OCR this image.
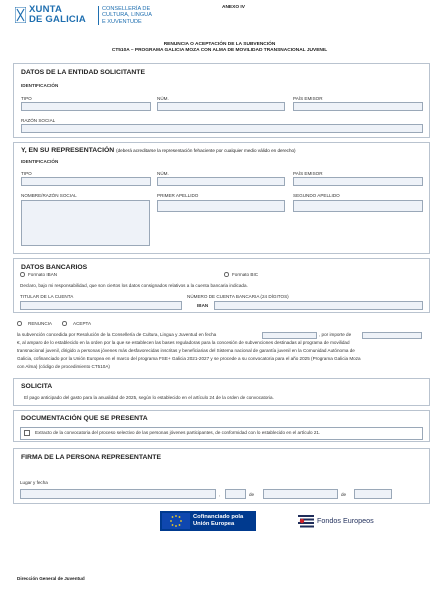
XUNTA
DE GALICIA
CONSELLERÍA DE
CULTURA, LINGUA
E XUVENTUDE
ANEXO IV
RENUNCIA O ACEPTACIÓN DE LA SUBVENCIÓN
CT510A – PROGRAMA GALICIA MOZA CON ALMA DE MOVILIDAD TRANSNACIONAL JUVENIL
DATOS DE LA ENTIDAD SOLICITANTE
IDENTIFICACIÓN
TIPO	NÚM.	PAÍS EMISOR
RAZÓN SOCIAL
Y, EN SU REPRESENTACIÓN (deberá acreditarse la representación fehaciente por cualquier medio válido en derecho)
IDENTIFICACIÓN
TIPO	NÚM.	PAÍS EMISOR
NOMBRE/RAZÓN SOCIAL	PRIMER APELLIDO	SEGUNDO APELLIDO
DATOS BANCARIOS
Formato IBAN	Formato BIC
Declaro, bajo mi responsabilidad, que son ciertos los datos consignados relativos a la cuenta bancaria indicada.
TITULAR DE LA CUENTA	NÚMERO DE CUENTA BANCARIA (24 DÍGITOS)
IBAN
RENUNCIA	ACEPTA
la subvención concedida por Resolución de la Consellería de Cultura, Lingua y Juventud en fecha	, por importe de
€, al amparo de lo establecido en la orden por la que se establecen las bases reguladoras para la concesión de subvenciones destinadas al programa de movilidad
transnacional juvenil, dirigido a personas jóvenes más desfavorecidas inscritas y beneficiarias del Sistema nacional de garantía juvenil en la Comunidad Autónoma de
Galicia, cofinanciado por la Unión Europea en el marco del programa FSE+ Galicia 2021-2027 y se procede a su convocatoria para el año 2025 (Programa Galicia Moza
con Alma) (código de procedimiento CT510A)
SOLICITA
El pago anticipado del gasto para la anualidad de 2025, según lo establecido en el artículo 24 de la orden de convocatoria.
DOCUMENTACIÓN QUE SE PRESENTA
Extracto de la convocatoria del proceso selectivo de las personas jóvenes participantes, de conformidad con lo establecido en el artículo 21.
FIRMA DE LA PERSONA REPRESENTANTE
Lugar y fecha
,	de	de
Cofinanciado pola
Unión Europea	Fondos Europeos
Dirección General de Juventud
